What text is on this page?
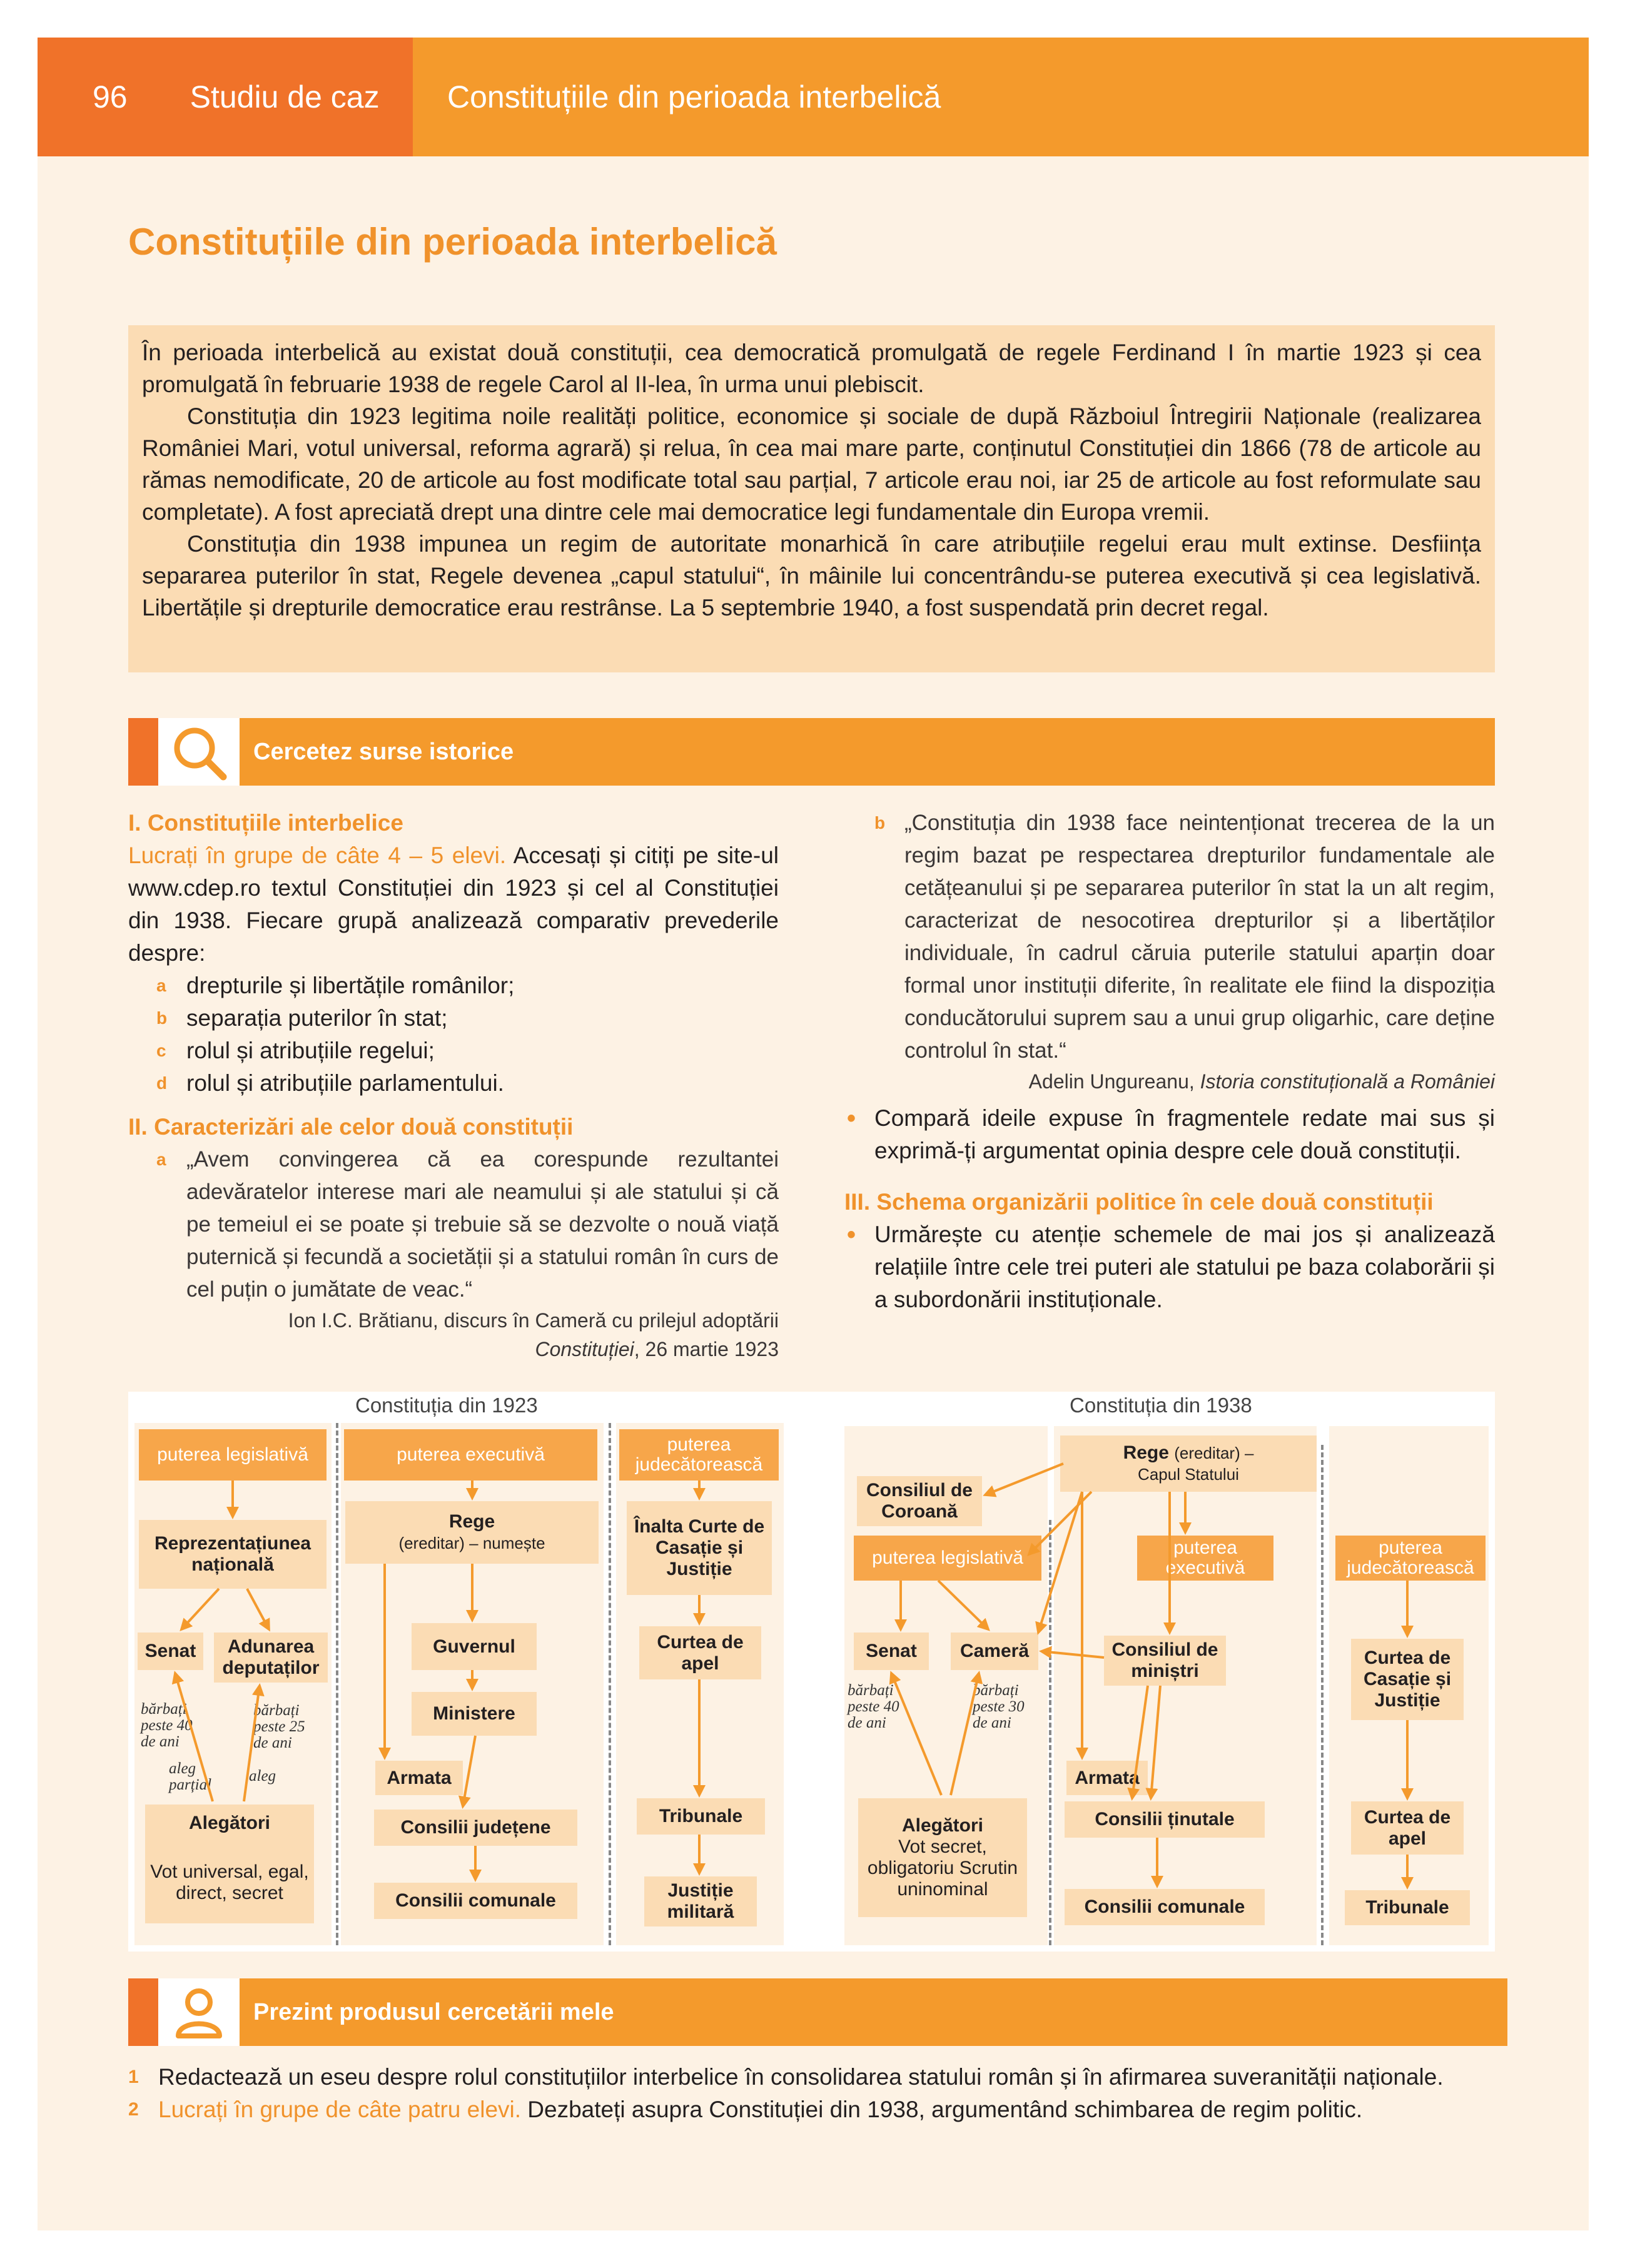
96 Studiu de caz Constituțiile din perioada interbelică
Constituțiile din perioada interbelică

În perioada interbelică au existat două constituții, cea democratică promulgată de regele Ferdinand I în martie 1923 și cea promulgată în februarie 1938 de regele Carol al II-lea, în urma unui plebiscit.

Constituția din 1923 legitima noile realități politice, economice și sociale de după Războiul Întregirii Naționale (realizarea României Mari, votul universal, reforma agrară) și relua, în cea mai mare parte, conținutul Constituției din 1866 (78 de articole au rămas nemodificate, 20 de articole au fost modificate total sau parțial, 7 articole erau noi, iar 25 de articole au fost reformulate sau completate). A fost apreciată drept una dintre cele mai democratice legi fundamentale din Europa vremii.

Constituția din 1938 impunea un regim de autoritate monarhică în care atribuțiile regelui erau mult extinse. Desființa separarea puterilor în stat, Regele devenea „capul statului“, în mâinile lui concentrându-se puterea executivă și cea legislativă. Libertățile și drepturile democratice erau restrânse. La 5 septembrie 1940, a fost suspendată prin decret regal.

Cercetez surse istorice
I. Constituțiile interbelice

Lucrați în grupe de câte 4 – 5 elevi. Accesați și citiți pe site-ul www.cdep.ro textul Constituției din 1923 și cel al Constituției din 1938. Fiecare grupă analizează comparativ prevederile despre:

a drepturile și libertățile românilor;
b separația puterilor în stat;
c rolul și atribuțiile regelui;
d rolul și atribuțiile parlamentului.
II. Caracterizări ale celor două constituții
a „Avem convingerea că ea corespunde rezultantei adevăratelor interese mari ale neamului și ale statului și că pe temeiul ei se poate și trebuie să se dezvolte o nouă viață puternică și fecundă a societății și a statului român în curs de cel puțin o jumătate de veac.“

Ion I.C. Brătianu, discurs în Cameră cu prilejul adoptării
Constituției, 26 martie 1923

b „Constituția din 1938 face neintenționat trecerea de la un regim bazat pe respectarea drepturilor fundamentale ale cetățeanului și pe separarea puterilor în stat la un alt regim, caracterizat de nesocotirea drepturilor și a libertăților individuale, în cadrul căruia puterile statului aparțin doar formal unor instituții diferite, în realitate ele fiind la dispoziția conducătorului suprem sau a unui grup oligarhic, care deține controlul în stat.“

Adelin Ungureanu, Istoria constituțională a României

• Compară ideile expuse în fragmentele redate mai sus și exprimă-ți argumentat opinia despre cele două constituții.

III. Schema organizării politice în cele două constituții
• Urmărește cu atenție schemele de mai jos și analizează relațiile între cele trei puteri ale statului pe baza colaborării și a subordonării instituționale.

Constituția din 1923
puterea legislativă	puterea executivă	puterea judecătorească
Reprezentațiunea națională
Senat	Adunarea deputaților
bărbați peste 40 de ani
bărbați peste 25 de ani
aleg parțial
aleg
Alegători
Vot universal, egal, direct, secret
Rege
(ereditar) – numește
Guvernul
Ministere
Armata
Consilii județene
Consilii comunale
Înalta Curte de Casație și Justiție
Curtea de apel
Tribunale
Justiție militară
Constituția din 1938
Rege (ereditar) –
Capul Statului
Consiliul de Coroană
puterea legislativă	puterea executivă
puterea judecătorească
Senat	Cameră
bărbați peste 40 de ani
bărbați peste 30 de ani
Consiliul de miniștri
Armata
Alegători
Vot secret, obligatoriu Scrutin uninominal
Consilii ținutale
Consilii comunale
Curtea de Casație și Justiție
Curtea de apel
Tribunale
Prezint produsul cercetării mele
1 Redactează un eseu despre rolul constituțiilor interbelice în consolidarea statului român și în afirmarea suveranității naționale.
2 Lucrați în grupe de câte patru elevi. Dezbateți asupra Constituției din 1938, argumentând schimbarea de regim politic.
